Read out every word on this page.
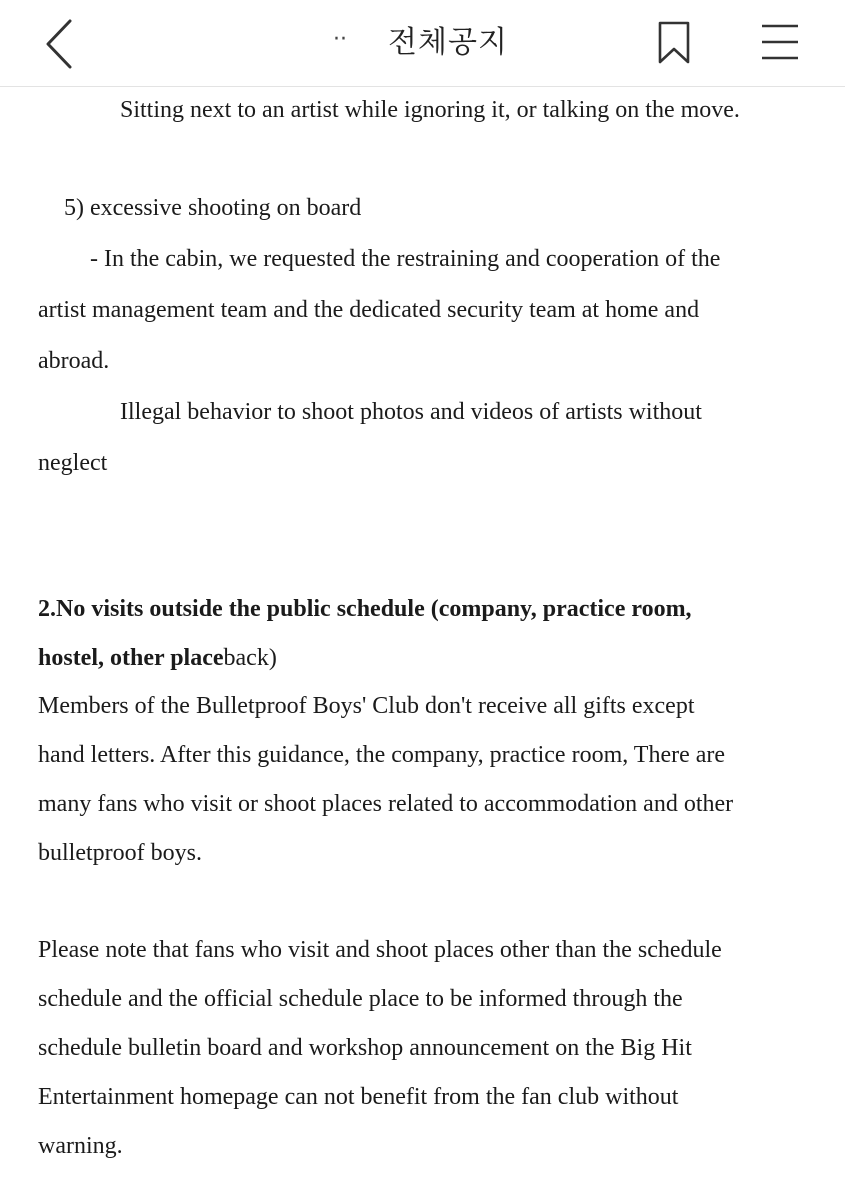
··	전체공지
Sitting next to an artist while ignoring it, or talking on the move.
5) excessive shooting on board
- In the cabin, we requested the restraining and cooperation of the
artist management team and the dedicated security team at home and
abroad.
Illegal behavior to shoot photos and videos of artists without
neglect
2.No visits outside the public schedule (company, practice room,
hostel, other placeback)
Members of the Bulletproof Boys' Club don't receive all gifts except
hand letters. After this guidance, the company, practice room, There are
many fans who visit or shoot places related to accommodation and other
bulletproof boys.
Please note that fans who visit and shoot places other than the schedule
schedule and the official schedule place to be informed through the
schedule bulletin board and workshop announcement on the Big Hit
Entertainment homepage can not benefit from the fan club without
warning.
